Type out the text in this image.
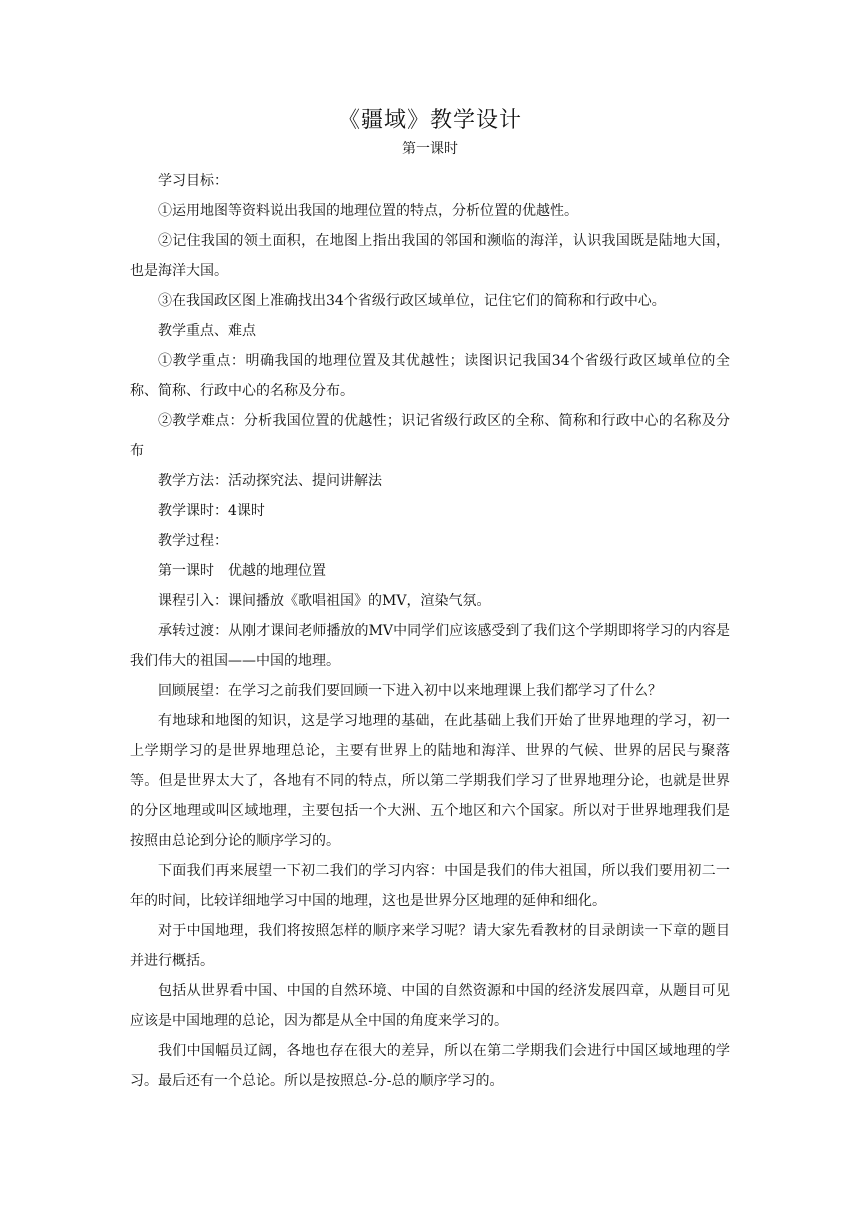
《疆域》教学设计
第一课时

学习目标：

①运用地图等资料说出我国的地理位置的特点，分析位置的优越性。

②记住我国的领土面积，在地图上指出我国的邻国和濒临的海洋，认识我国既是陆地大国，也是海洋大国。

③在我国政区图上准确找出34个省级行政区域单位，记住它们的简称和行政中心。

教学重点、难点

①教学重点：明确我国的地理位置及其优越性；读图识记我国34个省级行政区域单位的全称、简称、行政中心的名称及分布。

②教学难点：分析我国位置的优越性；识记省级行政区的全称、简称和行政中心的名称及分布

教学方法：活动探究法、提问讲解法

教学课时：4课时

教学过程：

第一课时　优越的地理位置

课程引入：课间播放《歌唱祖国》的MV，渲染气氛。

承转过渡：从刚才课间老师播放的MV中同学们应该感受到了我们这个学期即将学习的内容是我们伟大的祖国——中国的地理。

回顾展望：在学习之前我们要回顾一下进入初中以来地理课上我们都学习了什么？

有地球和地图的知识，这是学习地理的基础，在此基础上我们开始了世界地理的学习，初一上学期学习的是世界地理总论，主要有世界上的陆地和海洋、世界的气候、世界的居民与聚落等。但是世界太大了，各地有不同的特点，所以第二学期我们学习了世界地理分论，也就是世界的分区地理或叫区域地理，主要包括一个大洲、五个地区和六个国家。所以对于世界地理我们是按照由总论到分论的顺序学习的。

下面我们再来展望一下初二我们的学习内容：中国是我们的伟大祖国，所以我们要用初二一年的时间，比较详细地学习中国的地理，这也是世界分区地理的延伸和细化。

对于中国地理，我们将按照怎样的顺序来学习呢？请大家先看教材的目录朗读一下章的题目并进行概括。

包括从世界看中国、中国的自然环境、中国的自然资源和中国的经济发展四章，从题目可见应该是中国地理的总论，因为都是从全中国的角度来学习的。

我们中国幅员辽阔，各地也存在很大的差异，所以在第二学期我们会进行中国区域地理的学习。最后还有一个总论。所以是按照总-分-总的顺序学习的。
